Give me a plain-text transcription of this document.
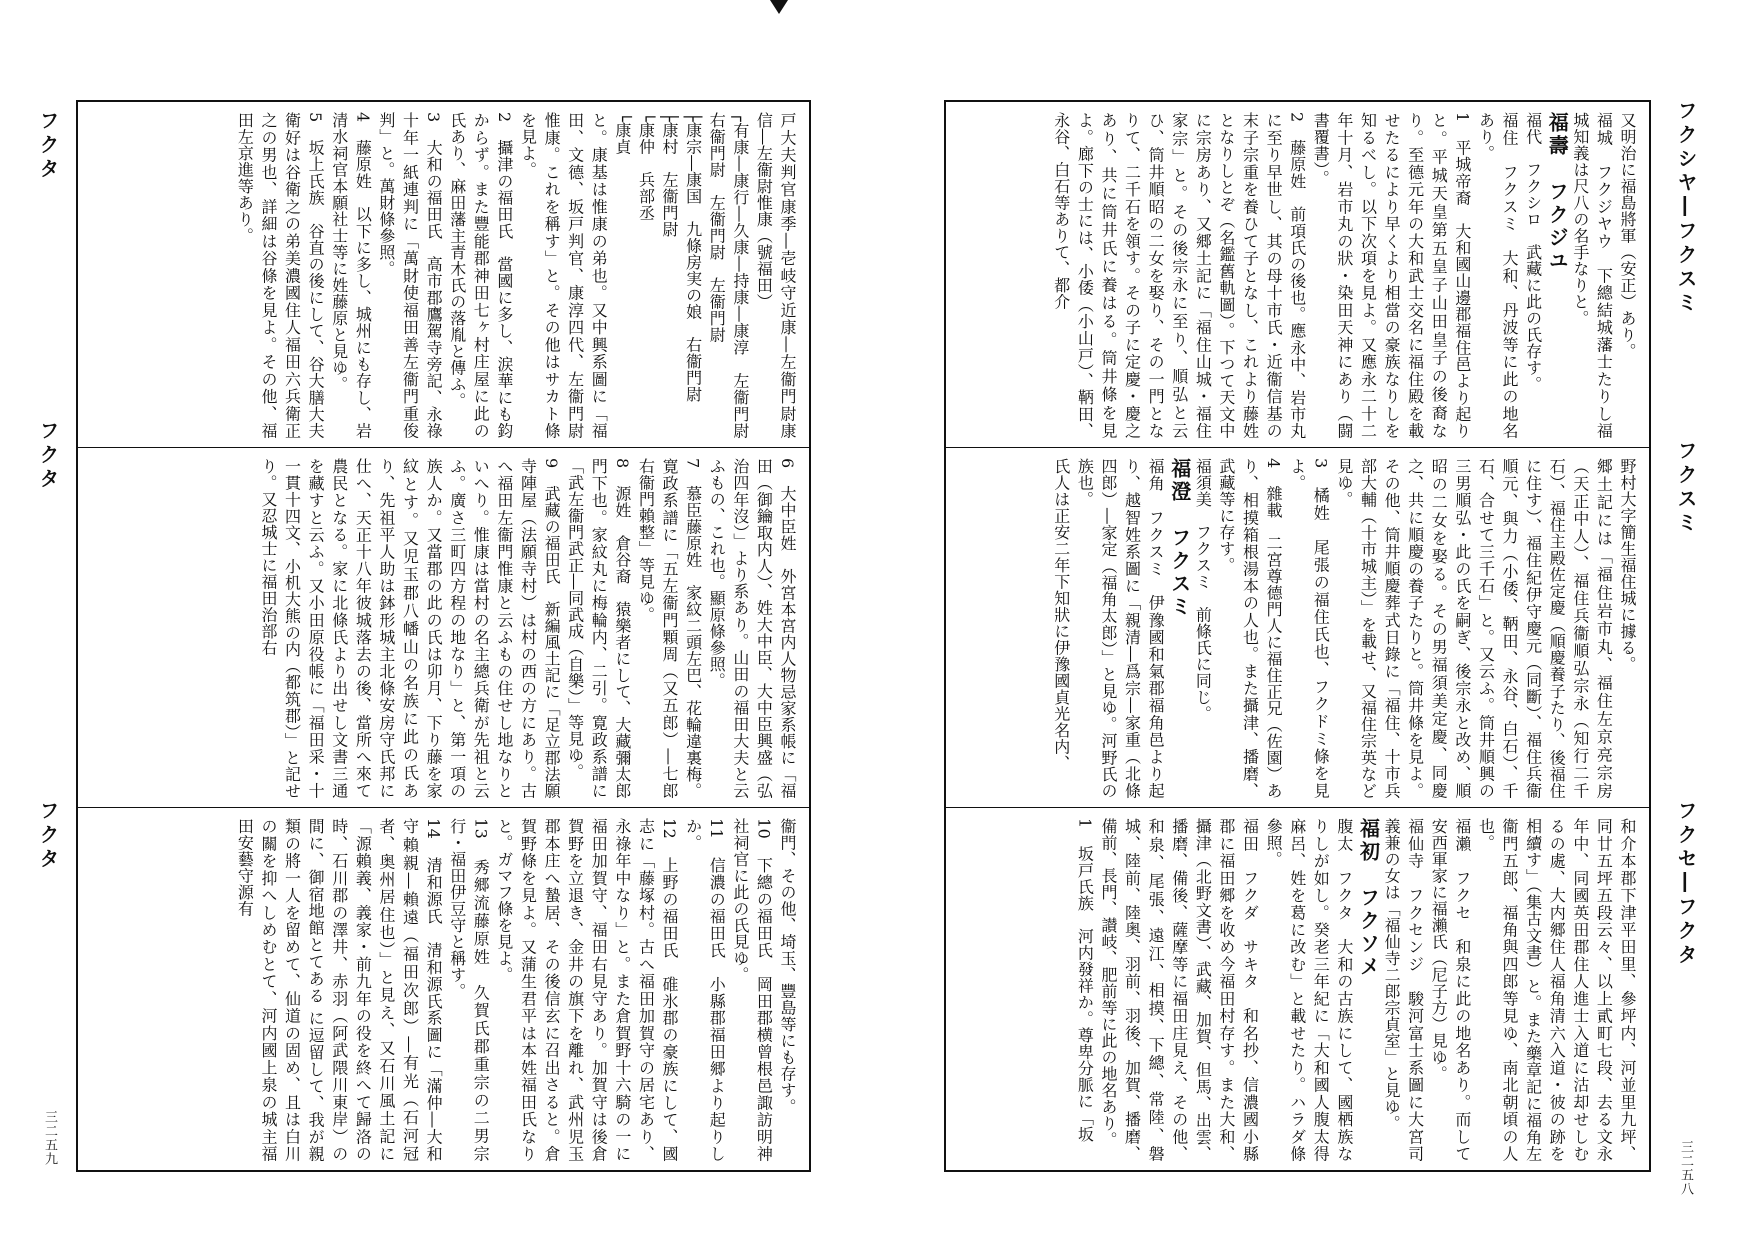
フクタ
フクタ
フクタ
三二五九
フクシヤ―フクスミ
フクスミ
フクセ―フクタ
三二五八
戸大夫判官康季―壱岐守近康―左衞門尉康信―左衞尉惟康（號福田）
┌有康―康行―久康―持康―康淳　左衞門尉　右衞門尉　左衞門尉　左衞門尉
├康宗―康国　九條房実の娘　右衞門尉
├康村　左衞門尉
└康仲　兵部丞
└康貞
と。康基は惟康の弟也。又中興系圖に「福田、文德、坂戸判官、康淳四代、左衞門尉惟康。これを稱す」と。その他はサカト條を見よ。
2　攝津の福田氏　當國に多し、涙華にも鈞からず。また豐能郡神田七ヶ村庄屋に此の氏あり、麻田藩主青木氏の落胤と傳ふ。
3　大和の福田氏　高市郡鷹駕寺旁記、永祿十年一紙連判に「萬財使福田善左衞門重俊判」と。萬財條參照。
4　藤原姓　以下に多し、城州にも存し、岩清水祠官本願社士等に姓藤原と見ゆ。
5　坂上氏族　谷直の後にして、谷大膳大夫衛好は谷衛之の弟美濃國住人福田六兵衛正之の男也、詳細は谷條を見よ。その他、福田左京進等あり。
6　大中臣姓　外宮本宮内人物忌家系帳に「福田（御鑰取内人）、姓大中臣、大中臣興盛（弘治四年沒）」より系あり。山田の福田大夫と云ふもの、これ也。顯原條參照。
7　慕臣藤原姓　家紋二頭左巴、花輪違裏梅。寛政系譜に「五左衞門顆周（又五郎）―七郎右衞門賴整」等見ゆ。
8　源姓　倉谷裔　猿樂者にして、大藏彌太郎門下也。家紋丸に梅輪内、二引。寛政系譜に「武左衞門武正―同武成（自樂）」等見ゆ。
9　武藏の福田氏　新編風土記に「足立郡法願寺陣屋（法願寺村）は村の西の方にあり。古へ福田左衞門惟康と云ふもの住せし地なりといへり。惟康は當村の名主總兵衛が先祖と云ふ。廣さ三町四方程の地なり」と、第一項の族人か。又當郡の此の氏は卯月、下り藤を家紋とす。又児玉郡八幡山の名族に此の氏あり、先祖平人助は鉢形城主北條安房守氏邦に仕へ、天正十八年彼城落去の後、當所へ來て農民となる。家に北條氏より出せし文書三通を藏すと云ふ。又小田原役帳に「福田采・十一貫十四文、小机大熊の内（都筑郡）」と記せり。又忍城士に福田治部右
衞門、その他、埼玉、豐島等にも存す。
10　下總の福田氏　岡田郡横曾根邑諏訪明神社祠官に此の氏見ゆ。
11　信濃の福田氏　小縣郡福田郷より起りしか。
12　上野の福田氏　碓氷郡の豪族にして、國志に「藤塚村。古へ福田加賀守の居宅あり、永祿年中なり」と。また倉賀野十六騎の一に福田加賀守、福田右見守あり。加賀守は後倉賀野を立退き、金井の旗下を離れ、武州児玉郡本庄へ蟄居、その後信玄に召出さると。倉賀野條を見よ。又蒲生君平は本姓福田氏なりと。ガマフ條を見よ。
13　秀郷流藤原姓　久賀氏郡重宗の二男宗行・福田伊豆守と稱す。
14　清和源氏　清和源氏系圖に「滿仲―大和守賴親―賴遠（福田次郎）―有光（石河冠者、奥州居住也）」と見え、又石川風土記に「源賴義、義家・前九年の役を終へて歸洛の時、石川郡の澤井、赤羽（阿武隈川東岸）の間に、御宿地館とてある に逗留して、我が親類の將一人を留めて、仙道の固め、且は白川の關を抑へしめむとて、河内國上泉の城主福田安藝守源有
又明治に福島將軍（安正）あり。
福城　フクジヤウ　下總結城藩士たりし福城知義は尺八の名手なりと。
福壽　フクジユ
福代　フクシロ　武藏に此の氏存す。
福住　フクスミ　大和、丹波等に此の地名あり。
1　平城帝裔　大和國山邊郡福住邑より起りと。平城天皇第五皇子山田皇子の後裔なり。至德元年の大和武士交名に福住殿を載せたるにより早くより相當の豪族なりしを知るべし。以下次項を見よ。又應永二十二年十月、岩市丸の狀・染田天神にあり（闘書覆書）。
2　藤原姓　前項氏の後也。應永中、岩市丸に至り早世し、其の母十市氏・近衞信基の末子宗重を養ひて子となし、これより藤姓となりしとぞ（名鑑舊軌圖）。下つて天文中に宗房あり、又郷土記に「福住山城・福住家宗」と。その後宗永に至り、順弘と云ひ、筒井順昭の二女を娶り、その一門となりて、二千石を領す。その子に定慶・慶之あり、共に筒井氏に養はる。筒井條を見よ。廊下の士には、小倭（小山戸）、鞆田、永谷、白石等ありて、都介
野村大字簡生福住城に據る。
郷土記には「福住岩市丸、福住左京亮宗房（天正中人）、福住兵衞順弘宗永（知行二千石）、福住主殿佐定慶（順慶養子たり、後福住に住す）、福住紀伊守慶元（同斷）、福住兵衞順元、與力（小倭、鞆田、永谷、白石）、千石、合せて三千石」と。又云ふ。筒井順興の三男順弘・此の氏を嗣ぎ、後宗永と改め、順昭の二女を娶る。その男福須美定慶、同慶之、共に順慶の養子たりと。筒井條を見よ。その他、筒井順慶葬式日錄に「福住、十市兵部大輔（十市城主）」を載せ、又福住宗英など見ゆ。
3　橘姓　尾張の福住氏也、フクドミ條を見よ。
4　雜載　二宮尊德門人に福住正兄（佐園）あり、相摸箱根湯本の人也。また攝津、播磨、武藏等に存す。
福須美　フクスミ　前條氏に同じ。
福澄　フクスミ
福角　フクスミ　伊豫國和氣郡福角邑より起り、越智姓系圖に「親清―爲宗―家重（北條四郎）―家定（福角太郎）」と見ゆ。河野氏の族也。
氏人は正安二年下知狀に伊豫國貞光名内、
和介本郡下津平田里、參坪内、河並里九坪、同廿五坪五段云々、以上貳町七段、去る文永年中、同國英田郡住人進士入道に沽却せしむるの處、大内郷住人福角清六入道・彼の跡を相續す」（集古文書）と。また藥章記に福角左衞門五郎、福角與四郎等見ゆ、南北朝頃の人也。
福瀨　フクセ　和泉に此の地名あり。而して安西軍家に福瀨氏（尼子方）見ゆ。
福仙寺　フクセンジ　駿河富士系圖に大宮司義兼の女は「福仙寺二郎宗貞室」と見ゆ。
福初　フクソメ
腹太　フクタ　大和の古族にして、國栖族なりしが如し。癸老三年紀に「大和國人腹太得麻呂、姓を葛に改む」と載せたり。ハラダ條參照。
福田　フクダ　サキタ　和名抄、信濃國小縣郡に福田郷を收め今福田村存す。また大和、攝津（北野文書）、武藏、加賀、但馬、出雲、播磨、備後、薩摩等に福田庄見え、その他、和泉、尾張、遠江、相摸、下總、常陸、磐城、陸前、陸奥、羽前、羽後、加賀、播磨、備前、長門、讃岐、肥前等に此の地名あり。
1　坂戸氏族　河内發祥か。尊卑分脈に「坂
